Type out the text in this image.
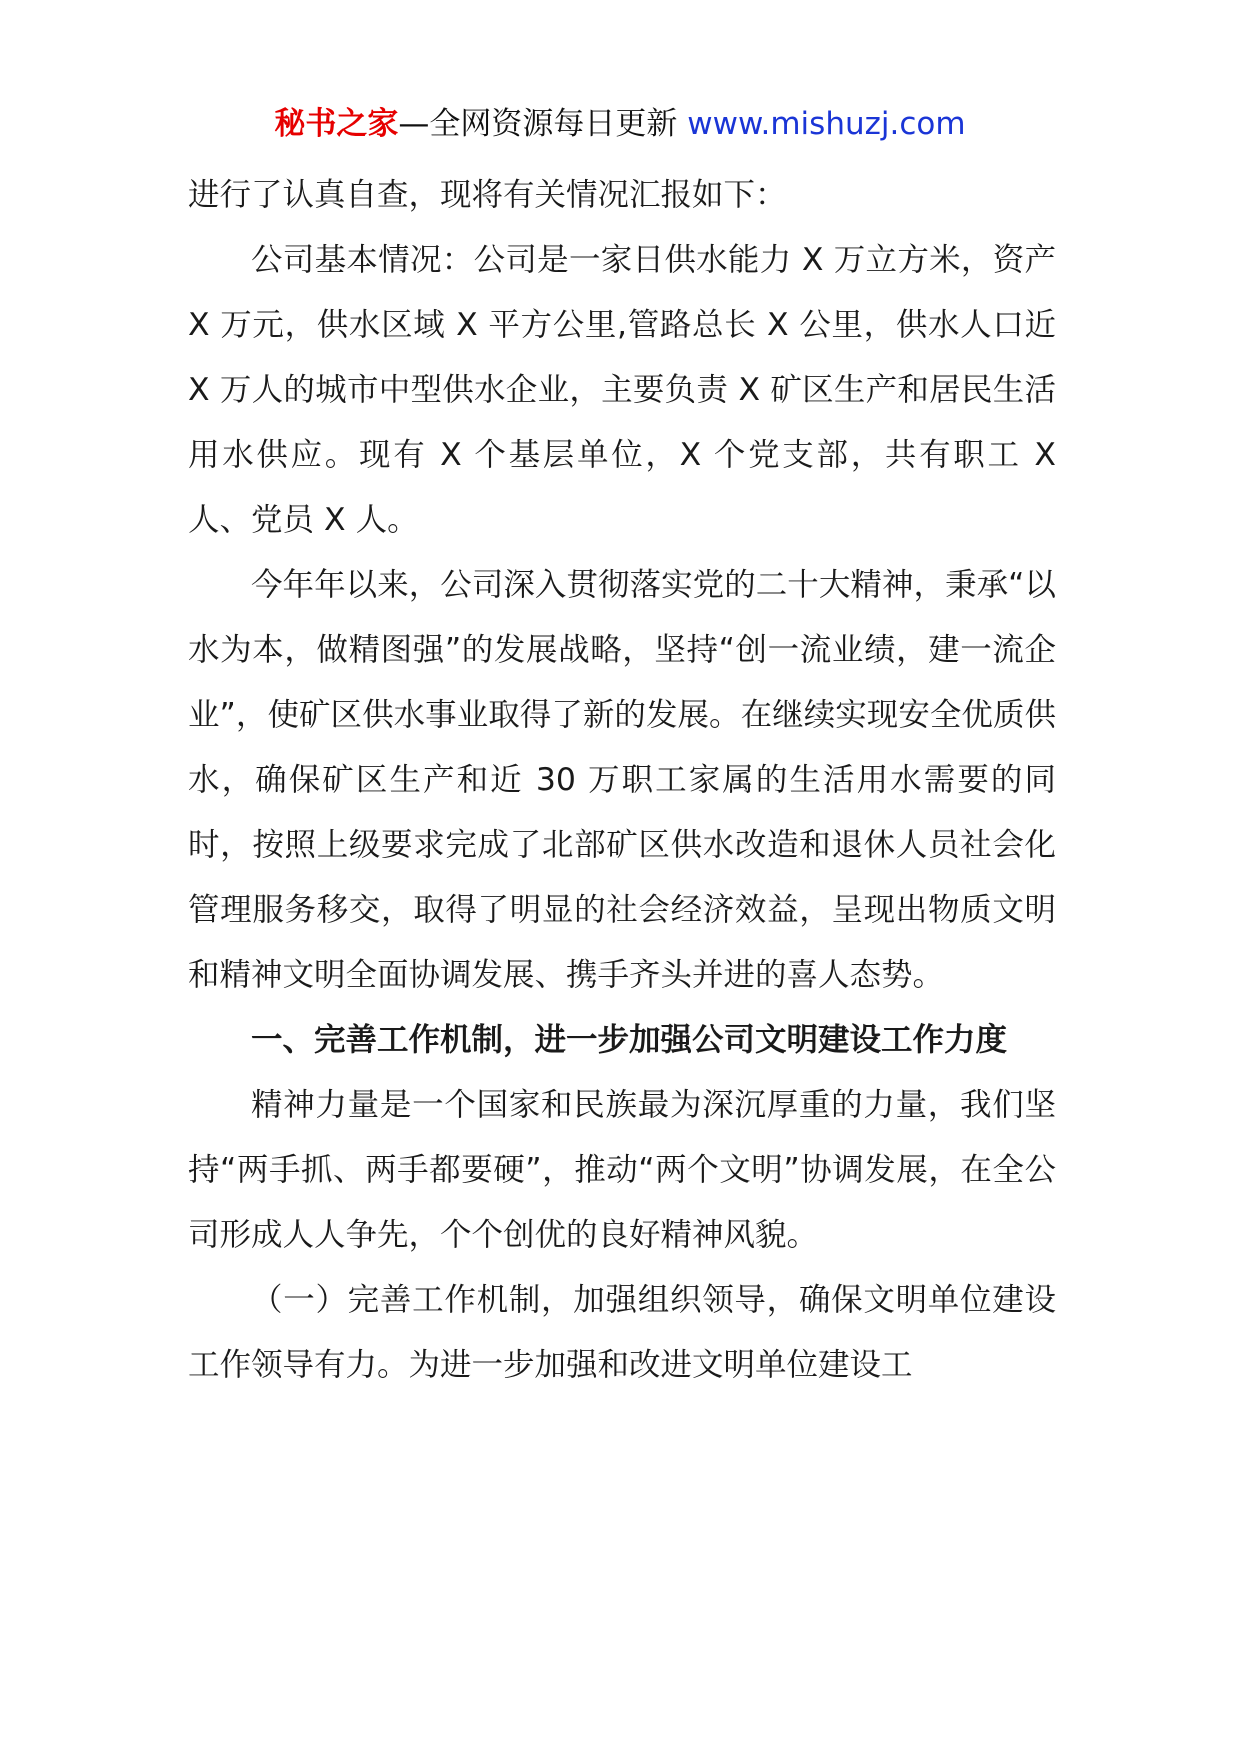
秘书之家—全网资源每日更新 www.mishuzj.com

进行了认真自查，现将有关情况汇报如下：

公司基本情况：公司是一家日供水能力 X 万立方米，资产 X 万元，供水区域 X 平方公里,管路总长 X 公里，供水人口近 X 万人的城市中型供水企业，主要负责 X 矿区生产和居民生活用水供应。现有 X 个基层单位，X 个党支部，共有职工 X 人、党员 X 人。

今年年以来，公司深入贯彻落实党的二十大精神，秉承“以水为本，做精图强”的发展战略，坚持“创一流业绩，建一流企业”，使矿区供水事业取得了新的发展。在继续实现安全优质供水，确保矿区生产和近 30 万职工家属的生活用水需要的同时，按照上级要求完成了北部矿区供水改造和退休人员社会化管理服务移交，取得了明显的社会经济效益，呈现出物质文明和精神文明全面协调发展、携手齐头并进的喜人态势。

一、完善工作机制，进一步加强公司文明建设工作力度

精神力量是一个国家和民族最为深沉厚重的力量，我们坚持“两手抓、两手都要硬”，推动“两个文明”协调发展，在全公司形成人人争先，个个创优的良好精神风貌。

（一）完善工作机制，加强组织领导，确保文明单位建设工作领导有力。为进一步加强和改进文明单位建设工
